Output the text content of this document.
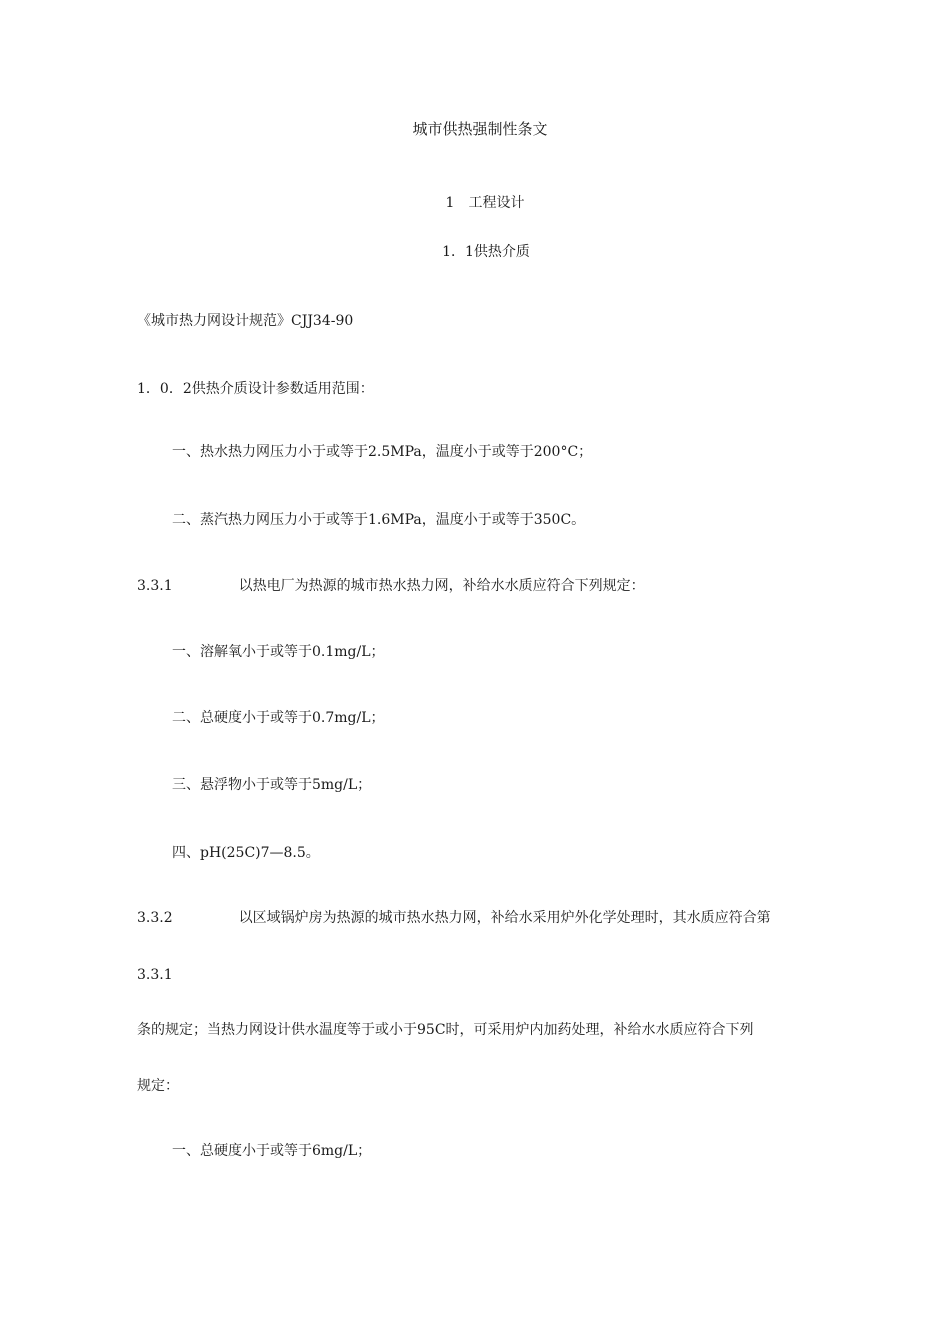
城市供热强制性条文
1　工程设计
1．1供热介质
《城市热力网设计规范》CJJ34-90
1．0．2供热介质设计参数适用范围：
一、热水热力网压力小于或等于2.5MPa，温度小于或等于200°C；
二、蒸汽热力网压力小于或等于1.6MPa，温度小于或等于350C。
3.3.1	以热电厂为热源的城市热水热力网，补给水水质应符合下列规定：
一、溶解氧小于或等于0.1mg/L；
二、总硬度小于或等于0.7mg/L；
三、悬浮物小于或等于5mg/L；
四、pH(25C)7—8.5。
3.3.2	以区域锅炉房为热源的城市热水热力网，补给水采用炉外化学处理时，其水质应符合第
3.3.1
条的规定；当热力网设计供水温度等于或小于95C时，可采用炉内加药处理，补给水水质应符合下列
规定：
一、总硬度小于或等于6mg/L；
